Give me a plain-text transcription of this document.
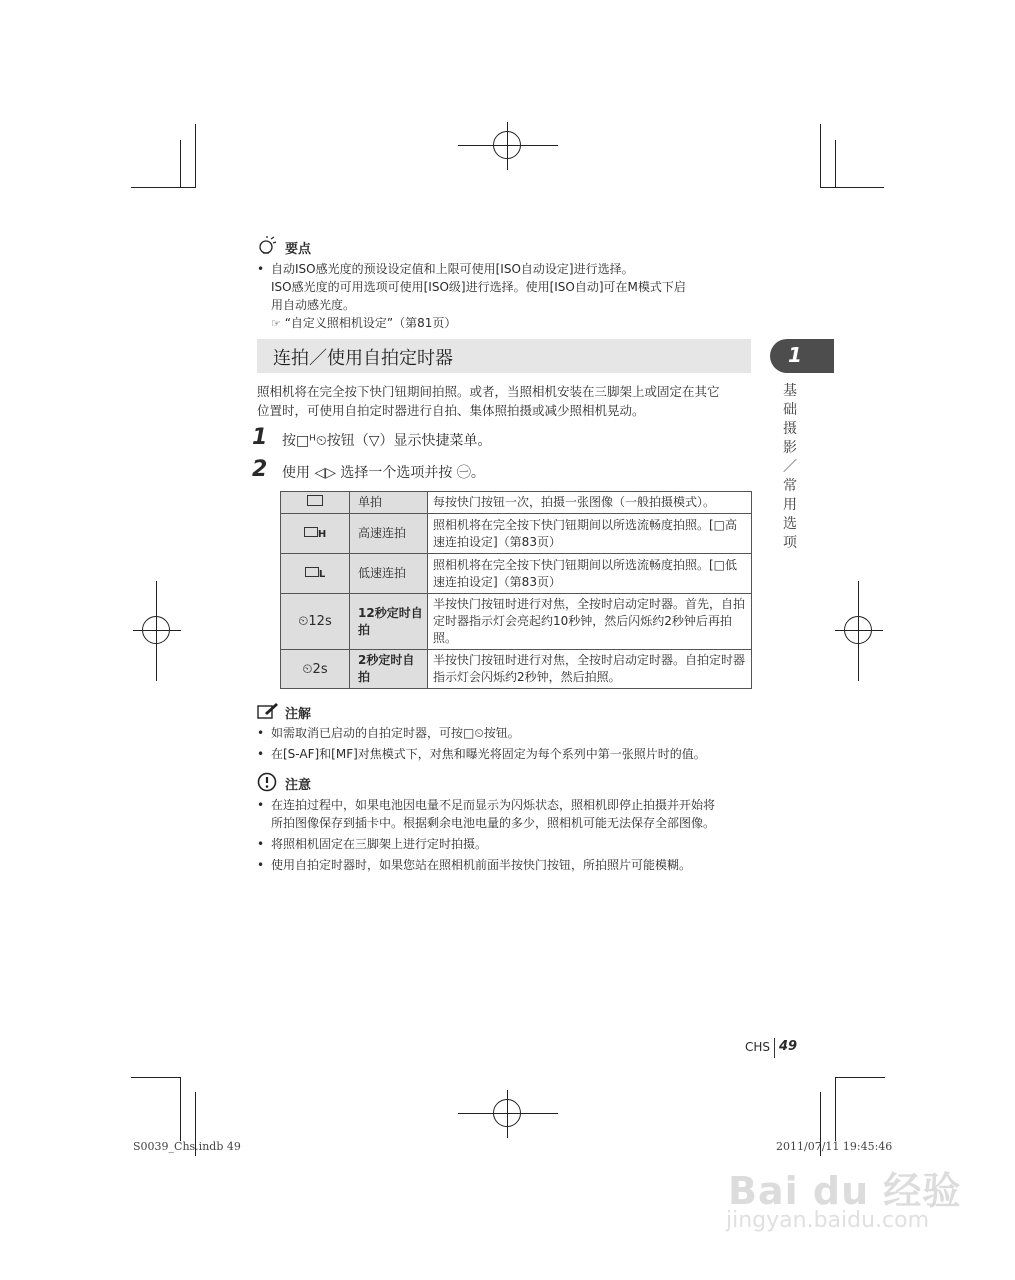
要点
• 自动ISO感光度的预设设定值和上限可使用[ISO自动设定]进行选择。
ISO感光度的可用选项可使用[ISO级]进行选择。使用[ISO自动]可在M模式下启
用自动感光度。
☞ “自定义照相机设定”（第81页）
连拍／使用自拍定时器	1
基础摄影／常用选项
照相机将在完全按下快门钮期间拍照。或者，当照相机安装在三脚架上或固定在其它
位置时，可使用自拍定时器进行自拍、集体照拍摄或减少照相机晃动。
1 按□ᴴ⏲按钮（▽）显示快捷菜单。
2 使用 ◁▷ 选择一个选项并按 ㊀。
	单拍	每按快门按钮一次，拍摄一张图像（一般拍摄模式）。
H	高速连拍	照相机将在完全按下快门钮期间以所选流畅度拍照。[□高速连拍设定]（第83页）
L	低速连拍	照相机将在完全按下快门钮期间以所选流畅度拍照。[□低速连拍设定]（第83页）
⏲12s	12秒定时自拍	半按快门按钮时进行对焦，全按时启动定时器。首先，自拍定时器指示灯会亮起约10秒钟，然后闪烁约2秒钟后再拍照。
⏲2s	2秒定时自拍	半按快门按钮时进行对焦，全按时启动定时器。自拍定时器指示灯会闪烁约2秒钟，然后拍照。
注解
• 如需取消已启动的自拍定时器，可按□⏲按钮。
• 在[S-AF]和[MF]对焦模式下，对焦和曝光将固定为每个系列中第一张照片时的值。
注意
• 在连拍过程中，如果电池因电量不足而显示为闪烁状态，照相机即停止拍摄并开始将
所拍图像保存到插卡中。根据剩余电池电量的多少，照相机可能无法保存全部图像。
• 将照相机固定在三脚架上进行定时拍摄。
• 使用自拍定时器时，如果您站在照相机前面半按快门按钮，所拍照片可能模糊。
CHS 49
S0039_Chs.indb 49	2011/07/11 19:45:46
Bai du 经验
jingyan.baidu.com
